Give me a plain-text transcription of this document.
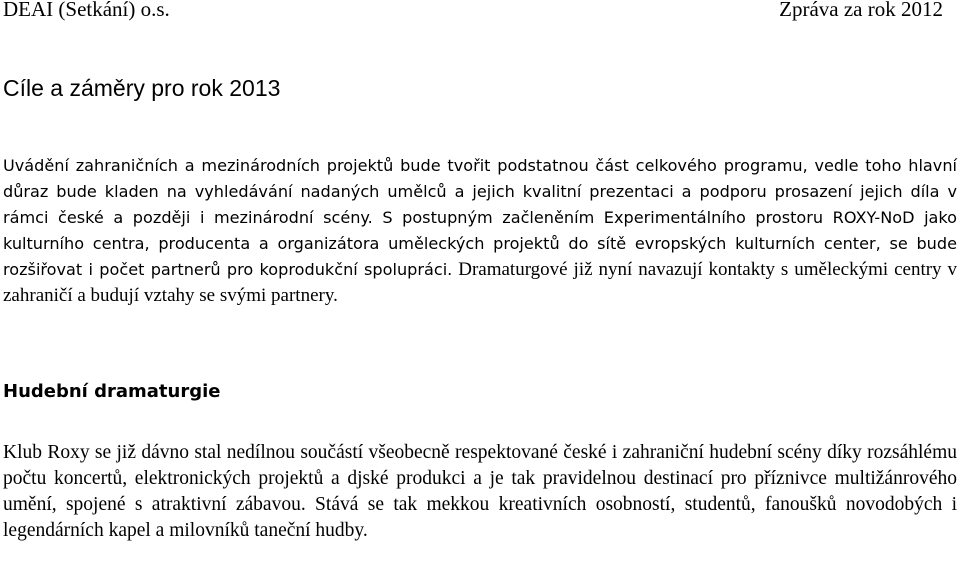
DEAI (Setkání) o.s.	Zpráva za rok 2012
Cíle a záměry pro rok 2013

Uvádění zahraničních a mezinárodních projektů bude tvořit podstatnou část celkového programu, vedle toho hlavní důraz bude kladen na vyhledávání nadaných umělců a jejich kvalitní prezentaci a podporu prosazení jejich díla v rámci české a později i mezinárodní scény. S postupným začleněním Experimentálního prostoru ROXY-NoD jako kulturního centra, producenta a organizátora uměleckých projektů do sítě evropských kulturních center, se bude rozšiřovat i počet partnerů pro koprodukční spolupráci. Dramaturgové již nyní navazují kontakty s uměleckými centry v zahraničí a budují vztahy se svými partnery.

Hudební dramaturgie

Klub Roxy se již dávno stal nedílnou součástí všeobecně respektované české i zahraniční hudební scény díky rozsáhlému počtu koncertů, elektronických projektů a djské produkci a je tak pravidelnou destinací pro příznivce multižánrového umění, spojené s atraktivní zábavou. Stává se tak mekkou kreativních osobností, studentů, fanoušků novodobých i legendárních kapel a milovníků taneční hudby.
